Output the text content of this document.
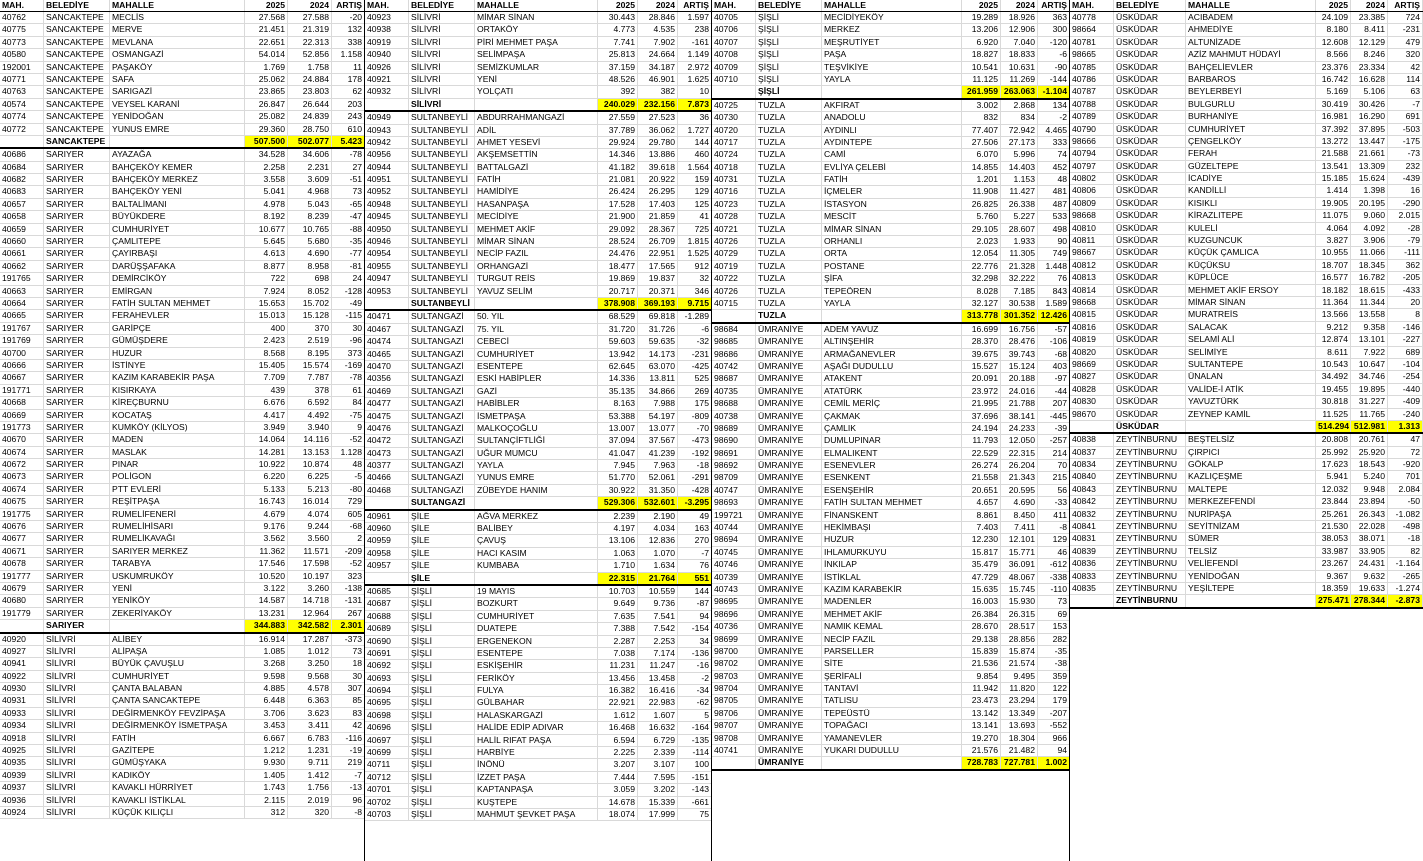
MAH.	BELEDİYE	MAHALLE	2025	2024 ARTIŞ
40762 SANCAKTEPE MECLİS	27.568 27.588 -20
40775 SANCAKTEPE MERVE	21.451 21.319 132
40773 SANCAKTEPE MEVLANA	22.651 22.313 338
40580 SANCAKTEPE OSMANGAZİ	54.014 52.856 1.158
192001 SANCAKTEPE PAŞAKÖY	1.769	1.758	11
40771 SANCAKTEPE SAFA	25.062 24.884 178
40763 SANCAKTEPE SARIGAZİ	23.865 23.803	62
40574 SANCAKTEPE VEYSEL KARANİ	26.847 26.644 203
40774 SANCAKTEPE YENİDOĞAN	25.082 24.839 243
40772 SANCAKTEPE YUNUS EMRE	29.360 28.750 610
SANCAKTEPE	507.500 502.077 5.423
40686 SARIYER	AYAZAĞA	34.528 34.606 -78
40684 SARIYER	BAHÇEKÖY KEMER	2.258	2.231	27
40682 SARIYER	BAHÇEKÖY MERKEZ	3.558	3.609 -51
40683 SARIYER	BAHÇEKÖY YENİ	5.041	4.968	73
40657 SARIYER	BALTALİMANI	4.978	5.043 -65
40658 SARIYER	BÜYÜKDERE	8.192	8.239 -47
40659 SARIYER	CUMHURİYET	10.677 10.765 -88
40660 SARIYER	ÇAMLITEPE	5.645	5.680 -35
40661 SARIYER	ÇAYIRBAŞI	4.613	4.690 -77
40662 SARIYER	DARÜŞŞAFAKA	8.877	8.958 -81
191765 SARIYER	DEMİRCİKÖY	722	698	24
40663 SARIYER	EMİRGAN	7.924	8.052 -128
40664 SARIYER	FATİH SULTAN MEHMET	15.653 15.702 -49
40665 SARIYER	FERAHEVLER	15.013 15.128 -115
191767 SARIYER	GARİPÇE	400	370	30
191769 SARIYER	GÜMÜŞDERE	2.423	2.519 -96
40700 SARIYER	HUZUR	8.568	8.195 373
40666 SARIYER	İSTİNYE	15.405 15.574 -169
40667 SARIYER	KAZIM KARABEKİR PAŞA	7.709	7.787 -78
191771 SARIYER	KISIRKAYA	439	378	61
40668 SARIYER	KİREÇBURNU	6.676	6.592	84
40669 SARIYER	KOCATAŞ	4.417	4.492 -75
191773 SARIYER	KUMKÖY (KİLYOS)	3.949	3.940	9
40670 SARIYER	MADEN	14.064 14.116 -52
40674 SARIYER	MASLAK	14.281 13.153 1.128
40672 SARIYER	PINAR	10.922 10.874	48
40673 SARIYER	POLİGON	6.220	6.225	-5
40674 SARIYER	PTT EVLERİ	5.133	5.213 -80
40675 SARIYER	REŞİTPAŞA	16.743 16.014 729
191775 SARIYER	RUMELİFENERİ	4.679	4.074 605
40676 SARIYER	RUMELİHİSARI	9.176	9.244 -68
40677 SARIYER	RUMELİKAVAĞI	3.562	3.560	2
40671 SARIYER	SARIYER MERKEZ	11.362 11.571 -209
40678 SARIYER	TARABYA	17.546 17.598 -52
191777 SARIYER	USKUMRUKÖY	10.520 10.197 323
40679 SARIYER	YENİ	3.122	3.260 -138
40680 SARIYER	YENİKÖY	14.587 14.718 -131
191779 SARIYER	ZEKERİYAKÖY	13.231 12.964 267
SARIYER	344.883 342.582 2.301
40920 SİLİVRİ	ALİBEY	16.914 17.287 -373
40927 SİLİVRİ	ALİPAŞA	1.085	1.012	73
40941 SİLİVRİ	BÜYÜK ÇAVUŞLU	3.268	3.250	18
40922 SİLİVRİ	CUMHURİYET	9.598	9.568	30
40930 SİLİVRİ	ÇANTA BALABAN	4.885	4.578 307
40931 SİLİVRİ	ÇANTA SANCAKTEPE	6.448	6.363	85
40933 SİLİVRİ	DEĞİRMENKÖY FEVZİPAŞA	3.706	3.623	83
40934 SİLİVRİ	DEĞİRMENKÖY İSMETPAŞA	3.453	3.411	42
40918 SİLİVRİ	FATİH	6.667	6.783 -116
40925 SİLİVRİ	GAZİTEPE	1.212	1.231 -19
40935 SİLİVRİ	GÜMÜŞYAKA	9.930	9.711 219
40939 SİLİVRİ	KADIKÖY	1.405	1.412	-7
40937 SİLİVRİ	KAVAKLI HÜRRİYET	1.743	1.756 -13
40936 SİLİVRİ	KAVAKLI İSTİKLAL	2.115	2.019	96
40924 SİLİVRİ	KÜÇÜK KILIÇLI	312	320	-8
MAH.	BELEDİYE	MAHALLE	2025 2024 ARTIŞ
40923 SİLİVRİ	MİMAR SİNAN	30.443 28.846 1.597
40938 SİLİVRİ	ORTAKÖY	4.773 4.535 238
40919 SİLİVRİ	PİRİ MEHMET PAŞA	7.741 7.902 -161
40940 SİLİVRİ	SELİMPAŞA	25.813 24.664 1.149
40926 SİLİVRİ	SEMİZKUMLAR	37.159 34.187 2.972
40921 SİLİVRİ	YENİ	48.526 46.901 1.625
40932 SİLİVRİ	YOLÇATI	392	382	10
SİLİVRİ	240.029 232.156 7.873
40949 SULTANBEYLİ ABDURRAHMANGAZİ	27.559 27.523	36
40943 SULTANBEYLİ ADİL	37.789 36.062 1.727
40942 SULTANBEYLİ AHMET YESEVİ	29.924 29.780 144
40956 SULTANBEYLİ AKŞEMSETTİN	14.346 13.886 460
40944 SULTANBEYLİ BATTALGAZİ	41.182 39.618 1.564
40951 SULTANBEYLİ FATİH	21.081 20.922 159
40952 SULTANBEYLİ HAMİDİYE	26.424 26.295 129
40948 SULTANBEYLİ HASANPAŞA	17.528 17.403 125
40945 SULTANBEYLİ MECİDİYE	21.900 21.859	41
40950 SULTANBEYLİ MEHMET AKİF	29.092 28.367 725
40946 SULTANBEYLİ MİMAR SİNAN	28.524 26.709 1.815
40954 SULTANBEYLİ NECİP FAZIL	24.476 22.951 1.525
40955 SULTANBEYLİ ORHANGAZİ	18.477 17.565 912
40947 SULTANBEYLİ TURGUT REİS	19.869 19.837	32
40953 SULTANBEYLİ YAVUZ SELİM	20.717 20.371 346
SULTANBEYLİ	378.908 369.193 9.715
40471 SULTANGAZİ 50. YIL	68.529 69.818 -1.289
40467 SULTANGAZİ 75. YIL	31.720 31.726	-6
40474 SULTANGAZİ CEBECİ	59.603 59.635	-32
40465 SULTANGAZİ CUMHURİYET	13.942 14.173 -231
40470 SULTANGAZİ ESENTEPE	62.645 63.070 -425
40356 SULTANGAZİ ESKİ HABİPLER	14.336 13.811 525
40469 SULTANGAZİ GAZİ	35.135 34.866 269
40477 SULTANGAZİ HABİBLER	8.163 7.988 175
40475 SULTANGAZİ İSMETPAŞA	53.388 54.197 -809
40476 SULTANGAZİ MALKOÇOĞLU	13.007 13.077	-70
40472 SULTANGAZİ SULTANÇİFTLİĞİ	37.094 37.567 -473
40473 SULTANGAZİ UĞUR MUMCU	41.047 41.239 -192
40377 SULTANGAZİ YAYLA	7.945 7.963	-18
40466 SULTANGAZİ YUNUS EMRE	51.770 52.061 -291
40468 SULTANGAZİ ZÜBEYDE HANIM	30.922 31.350 -428
SULTANGAZİ	529.306 532.601 -3.295
40961 ŞİLE	AĞVA MERKEZ	2.239 2.190	49
40960 ŞİLE	BALİBEY	4.197 4.034 163
40959 ŞİLE	ÇAVUŞ	13.106 12.836 270
40958 ŞİLE	HACI KASIM	1.063 1.070	-7
40957 ŞİLE	KUMBABA	1.710 1.634	76
ŞİLE	22.315 21.764 551
40685 ŞİŞLİ	19 MAYIS	10.703 10.559 144
40687 ŞİŞLİ	BOZKURT	9.649 9.736	-87
40688 ŞİŞLİ	CUMHURİYET	7.635 7.541	94
40689 ŞİŞLİ	DUATEPE	7.388 7.542 -154
40690 ŞİŞLİ	ERGENEKON	2.287 2.253	34
40691 ŞİŞLİ	ESENTEPE	7.038 7.174 -136
40692 ŞİŞLİ	ESKİŞEHİR	11.231 11.247	-16
40693 ŞİŞLİ	FERİKÖY	13.456 13.458	-2
40694 ŞİŞLİ	FULYA	16.382 16.416	-34
40695 ŞİŞLİ	GÜLBAHAR	22.921 22.983	-62
40698 ŞİŞLİ	HALASKARGAZİ	1.612 1.607	5
40696 ŞİŞLİ	HALİDE EDİP ADIVAR	16.468 16.632 -164
40697 ŞİŞLİ	HALİL RIFAT PAŞA	6.594 6.729 -135
40699 ŞİŞLİ	HARBİYE	2.225 2.339 -114
40711 ŞİŞLİ	İNÖNÜ	3.207 3.107 100
40712 ŞİŞLİ	İZZET PAŞA	7.444 7.595 -151
40701 ŞİŞLİ	KAPTANPAŞA	3.059 3.202 -143
40702 ŞİŞLİ	KUŞTEPE	14.678 15.339 -661
40703 ŞİŞLİ	MAHMUT ŞEVKET PAŞA	18.074 17.999	75
MAH.	BELEDİYE	MAHALLE	2025 2024 ARTIŞ
40705 ŞİŞLİ	MECİDİYEKÖY	19.289 18.926 363
40706 ŞİŞLİ	MERKEZ	13.206 12.906 300
40707 ŞİŞLİ	MEŞRUTİYET	6.920 7.040 -120
40708 ŞİŞLİ	PAŞA	18.827 18.833	-6
40709 ŞİŞLİ	TEŞVİKİYE	10.541 10.631 -90
40710 ŞİŞLİ	YAYLA	11.125 11.269 -144
ŞİŞLİ	261.959 263.063 -1.104
40725 TUZLA	AKFIRAT	3.002 2.868 134
40730 TUZLA	ANADOLU	832	834	-2
40720 TUZLA	AYDINLI	77.407 72.942 4.465
40717 TUZLA	AYDINTEPE	27.506 27.173 333
40724 TUZLA	CAMİ	6.070 5.996	74
40718 TUZLA	EVLİYA ÇELEBİ	14.855 14.403 452
40731 TUZLA	FATİH	1.201 1.153	48
40716 TUZLA	İÇMELER	11.908 11.427 481
40723 TUZLA	İSTASYON	26.825 26.338 487
40728 TUZLA	MESCİT	5.760 5.227 533
40721 TUZLA	MİMAR SİNAN	29.105 28.607 498
40726 TUZLA	ORHANLI	2.023 1.933	90
40729 TUZLA	ORTA	12.054 11.305 749
40719 TUZLA	POSTANE	22.776 21.328 1.448
40722 TUZLA	ŞİFA	32.298 32.222	76
40726 TUZLA	TEPEÖREN	8.028 7.185 843
40715 TUZLA	YAYLA	32.127 30.538 1.589
TUZLA	313.778 301.352 12.426
98684 ÜMRANİYE ADEM YAVUZ	16.699 16.756 -57
98685 ÜMRANİYE ALTINŞEHİR	28.370 28.476 -106
98686 ÜMRANİYE ARMAĞANEVLER	39.675 39.743 -68
40742 ÜMRANİYE AŞAĞI DUDULLU	15.527 15.124 403
98687 ÜMRANİYE ATAKENT	20.091 20.188 -97
40735 ÜMRANİYE ATATÜRK	23.972 24.016 -44
98688 ÜMRANİYE CEMİL MERİÇ	21.995 21.788 207
40738 ÜMRANİYE ÇAKMAK	37.696 38.141 -445
98689 ÜMRANİYE ÇAMLIK	24.194 24.233 -39
98690 ÜMRANİYE DUMLUPINAR	11.793 12.050 -257
98691 ÜMRANİYE ELMALIKENT	22.529 22.315 214
98692 ÜMRANİYE ESENEVLER	26.274 26.204	70
98709 ÜMRANİYE ESENKENT	21.558 21.343 215
40747 ÜMRANİYE ESENŞEHİR	20.651 20.595	56
98693 ÜMRANİYE FATİH SULTAN MEHMET	4.657 4.690 -33
199721 ÜMRANİYE FİNANSKENT	8.861 8.450 411
40744 ÜMRANİYE HEKİMBAŞI	7.403 7.411	-8
98694 ÜMRANİYE HUZUR	12.230 12.101 129
40745 ÜMRANİYE IHLAMURKUYU	15.817 15.771	46
40746 ÜMRANİYE İNKILAP	35.479 36.091 -612
40739 ÜMRANİYE İSTİKLAL	47.729 48.067 -338
40743 ÜMRANİYE KAZIM KARABEKİR	15.635 15.745 -110
98695 ÜMRANİYE MADENLER	16.003 15.930	73
98696 ÜMRANİYE MEHMET AKİF	26.384 26.315	69
40736 ÜMRANİYE NAMIK KEMAL	28.670 28.517 153
98699 ÜMRANİYE NECİP FAZIL	29.138 28.856 282
98700 ÜMRANİYE PARSELLER	15.839 15.874 -35
98702 ÜMRANİYE SİTE	21.536 21.574 -38
98703 ÜMRANİYE ŞERİFALİ	9.854 9.495 359
98704 ÜMRANİYE TANTAVİ	11.942 11.820 122
98705 ÜMRANİYE TATLISU	23.473 23.294 179
98706 ÜMRANİYE TEPEÜSTÜ	13.142 13.349 -207
98707 ÜMRANİYE TOPAĞACI	13.141 13.693 -552
98708 ÜMRANİYE YAMANEVLER	19.270 18.304 966
40741 ÜMRANİYE YUKARI DUDULLU	21.576 21.482	94
ÜMRANİYE	728.783 727.781 1.002
MAH.	BELEDİYE	MAHALLE	2025 2024 ARTIŞ
40778 ÜSKÜDAR	ACIBADEM	24.109 23.385 724
98664 ÜSKÜDAR	AHMEDİYE	8.180 8.411 -231
40781 ÜSKÜDAR	ALTUNİZADE	12.608 12.129 479
98665 ÜSKÜDAR	AZİZ MAHMUT HÜDAYİ	8.566 8.246 320
40785 ÜSKÜDAR	BAHÇELİEVLER	23.376 23.334	42
40786 ÜSKÜDAR	BARBAROS	16.742 16.628 114
40787 ÜSKÜDAR	BEYLERBEYİ	5.169 5.106	63
40788 ÜSKÜDAR	BULGURLU	30.419 30.426	-7
40789 ÜSKÜDAR	BURHANİYE	16.981 16.290 691
40790 ÜSKÜDAR	CUMHURİYET	37.392 37.895 -503
98666 ÜSKÜDAR	ÇENGELKÖY	13.272 13.447 -175
40794 ÜSKÜDAR	FERAH	21.588 21.661	-73
40797 ÜSKÜDAR	GÜZELTEPE	13.541 13.309 232
40802 ÜSKÜDAR	İCADİYE	15.185 15.624 -439
40806 ÜSKÜDAR	KANDİLLİ	1.414 1.398	16
40809 ÜSKÜDAR	KISIKLI	19.905 20.195 -290
98668 ÜSKÜDAR	KİRAZLITEPE	11.075 9.060 2.015
40810 ÜSKÜDAR	KULELİ	4.064 4.092	-28
40811 ÜSKÜDAR	KUZGUNCUK	3.827 3.906	-79
98667 ÜSKÜDAR	KÜÇÜK ÇAMLICA	10.955 11.066 -111
40812 ÜSKÜDAR	KÜÇÜKSU	18.707 18.345 362
40813 ÜSKÜDAR	KÜPLÜCE	16.577 16.782 -205
40814 ÜSKÜDAR	MEHMET AKİF ERSOY	18.182 18.615 -433
98668 ÜSKÜDAR	MİMAR SİNAN	11.364 11.344	20
40815 ÜSKÜDAR	MURATREİS	13.566 13.558	8
40816 ÜSKÜDAR	SALACAK	9.212 9.358 -146
40819 ÜSKÜDAR	SELAMİ ALİ	12.874 13.101 -227
40820 ÜSKÜDAR	SELİMİYE	8.611 7.922 689
98669 ÜSKÜDAR	SULTANTEPE	10.543 10.647 -104
40827 ÜSKÜDAR	ÜNALAN	34.492 34.746 -254
40828 ÜSKÜDAR	VALİDE-İ ATİK	19.455 19.895 -440
40830 ÜSKÜDAR	YAVUZTÜRK	30.818 31.227 -409
98670 ÜSKÜDAR	ZEYNEP KAMİL	11.525 11.765 -240
ÜSKÜDAR	514.294 512.981 1.313
40838 ZEYTİNBURNU BEŞTELSİZ	20.808 20.761	47
40837 ZEYTİNBURNU ÇIRPICI	25.992 25.920	72
40834 ZEYTİNBURNU GÖKALP	17.623 18.543 -920
40840 ZEYTİNBURNU KAZLIÇEŞME	5.941 5.240 701
40843 ZEYTİNBURNU MALTEPE	12.032 9.948 2.084
40842 ZEYTİNBURNU MERKEZEFENDİ	23.844 23.894	-50
40832 ZEYTİNBURNU NURİPAŞA	25.261 26.343 -1.082
40841 ZEYTİNBURNU SEYİTNİZAM	21.530 22.028 -498
40831 ZEYTİNBURNU SÜMER	38.053 38.071	-18
40839 ZEYTİNBURNU TELSİZ	33.987 33.905	82
40836 ZEYTİNBURNU VELİEFENDİ	23.267 24.431 -1.164
40833 ZEYTİNBURNU YENİDOĞAN	9.367 9.632 -265
40835 ZEYTİNBURNU YEŞİLTEPE	18.359 19.633 -1.274
ZEYTİNBURNU	275.471 278.344 -2.873
